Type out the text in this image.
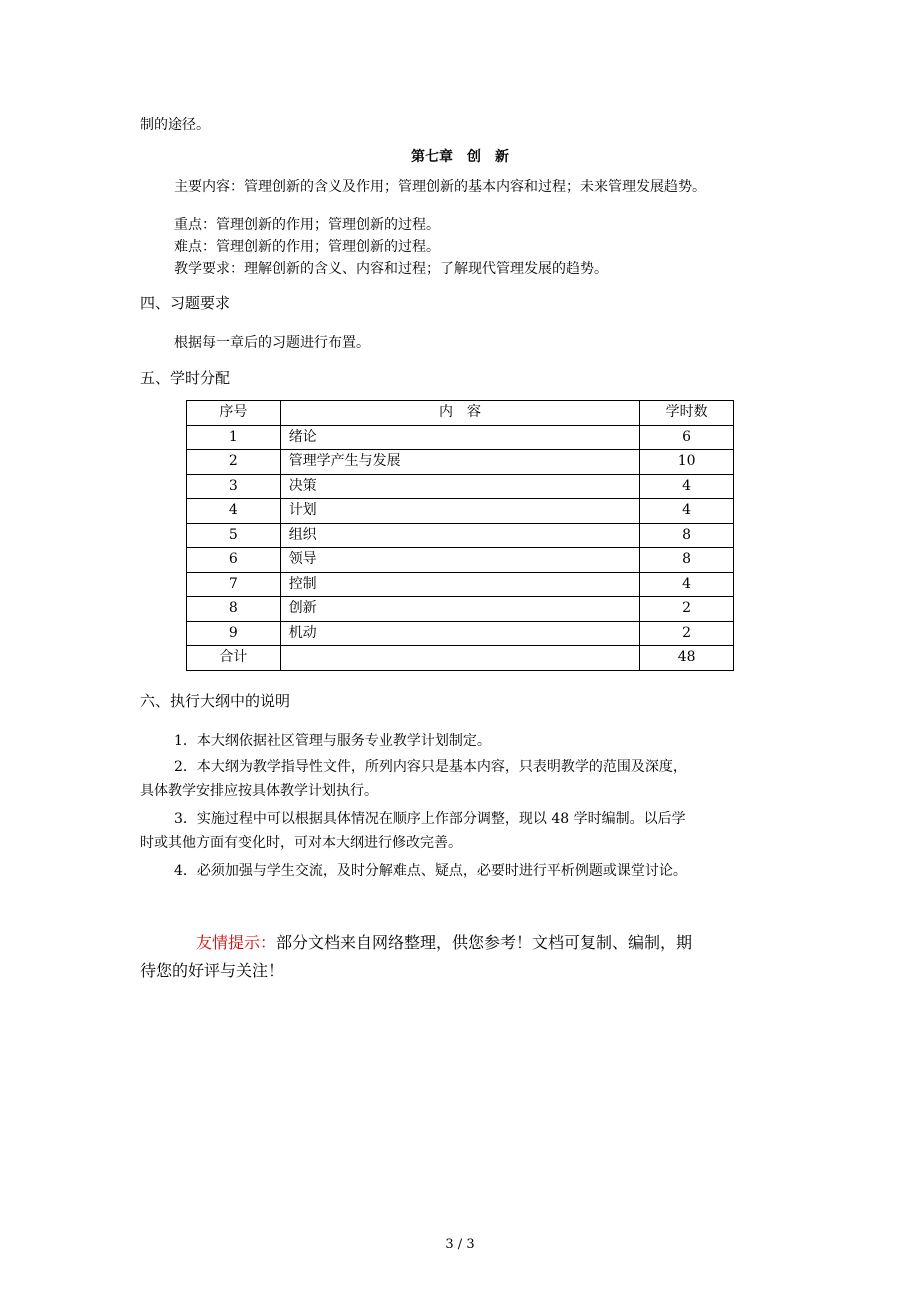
制的途径。
第七章　创　新
主要内容：管理创新的含义及作用；管理创新的基本内容和过程；未来管理发展趋势。
重点：管理创新的作用；管理创新的过程。
难点：管理创新的作用；管理创新的过程。
教学要求：理解创新的含义、内容和过程；了解现代管理发展的趋势。
四、习题要求
根据每一章后的习题进行布置。
五、学时分配
序号	内　容	学时数
1	绪论	6
2	管理学产生与发展	10
3	决策	4
4	计划	4
5	组织	8
6	领导	8
7	控制	4
8	创新	2
9	机动	2
合计		48
六、执行大纲中的说明
1．本大纲依据社区管理与服务专业教学计划制定。
2．本大纲为教学指导性文件，所列内容只是基本内容，只表明教学的范围及深度，
具体教学安排应按具体教学计划执行。
3．实施过程中可以根据具体情况在顺序上作部分调整，现以 48 学时编制。以后学
时或其他方面有变化时，可对本大纲进行修改完善。
4．必须加强与学生交流，及时分解难点、疑点，必要时进行平析例题或课堂讨论。
友情提示：部分文档来自网络整理，供您参考！文档可复制、编制，期
待您的好评与关注！
3 / 3
